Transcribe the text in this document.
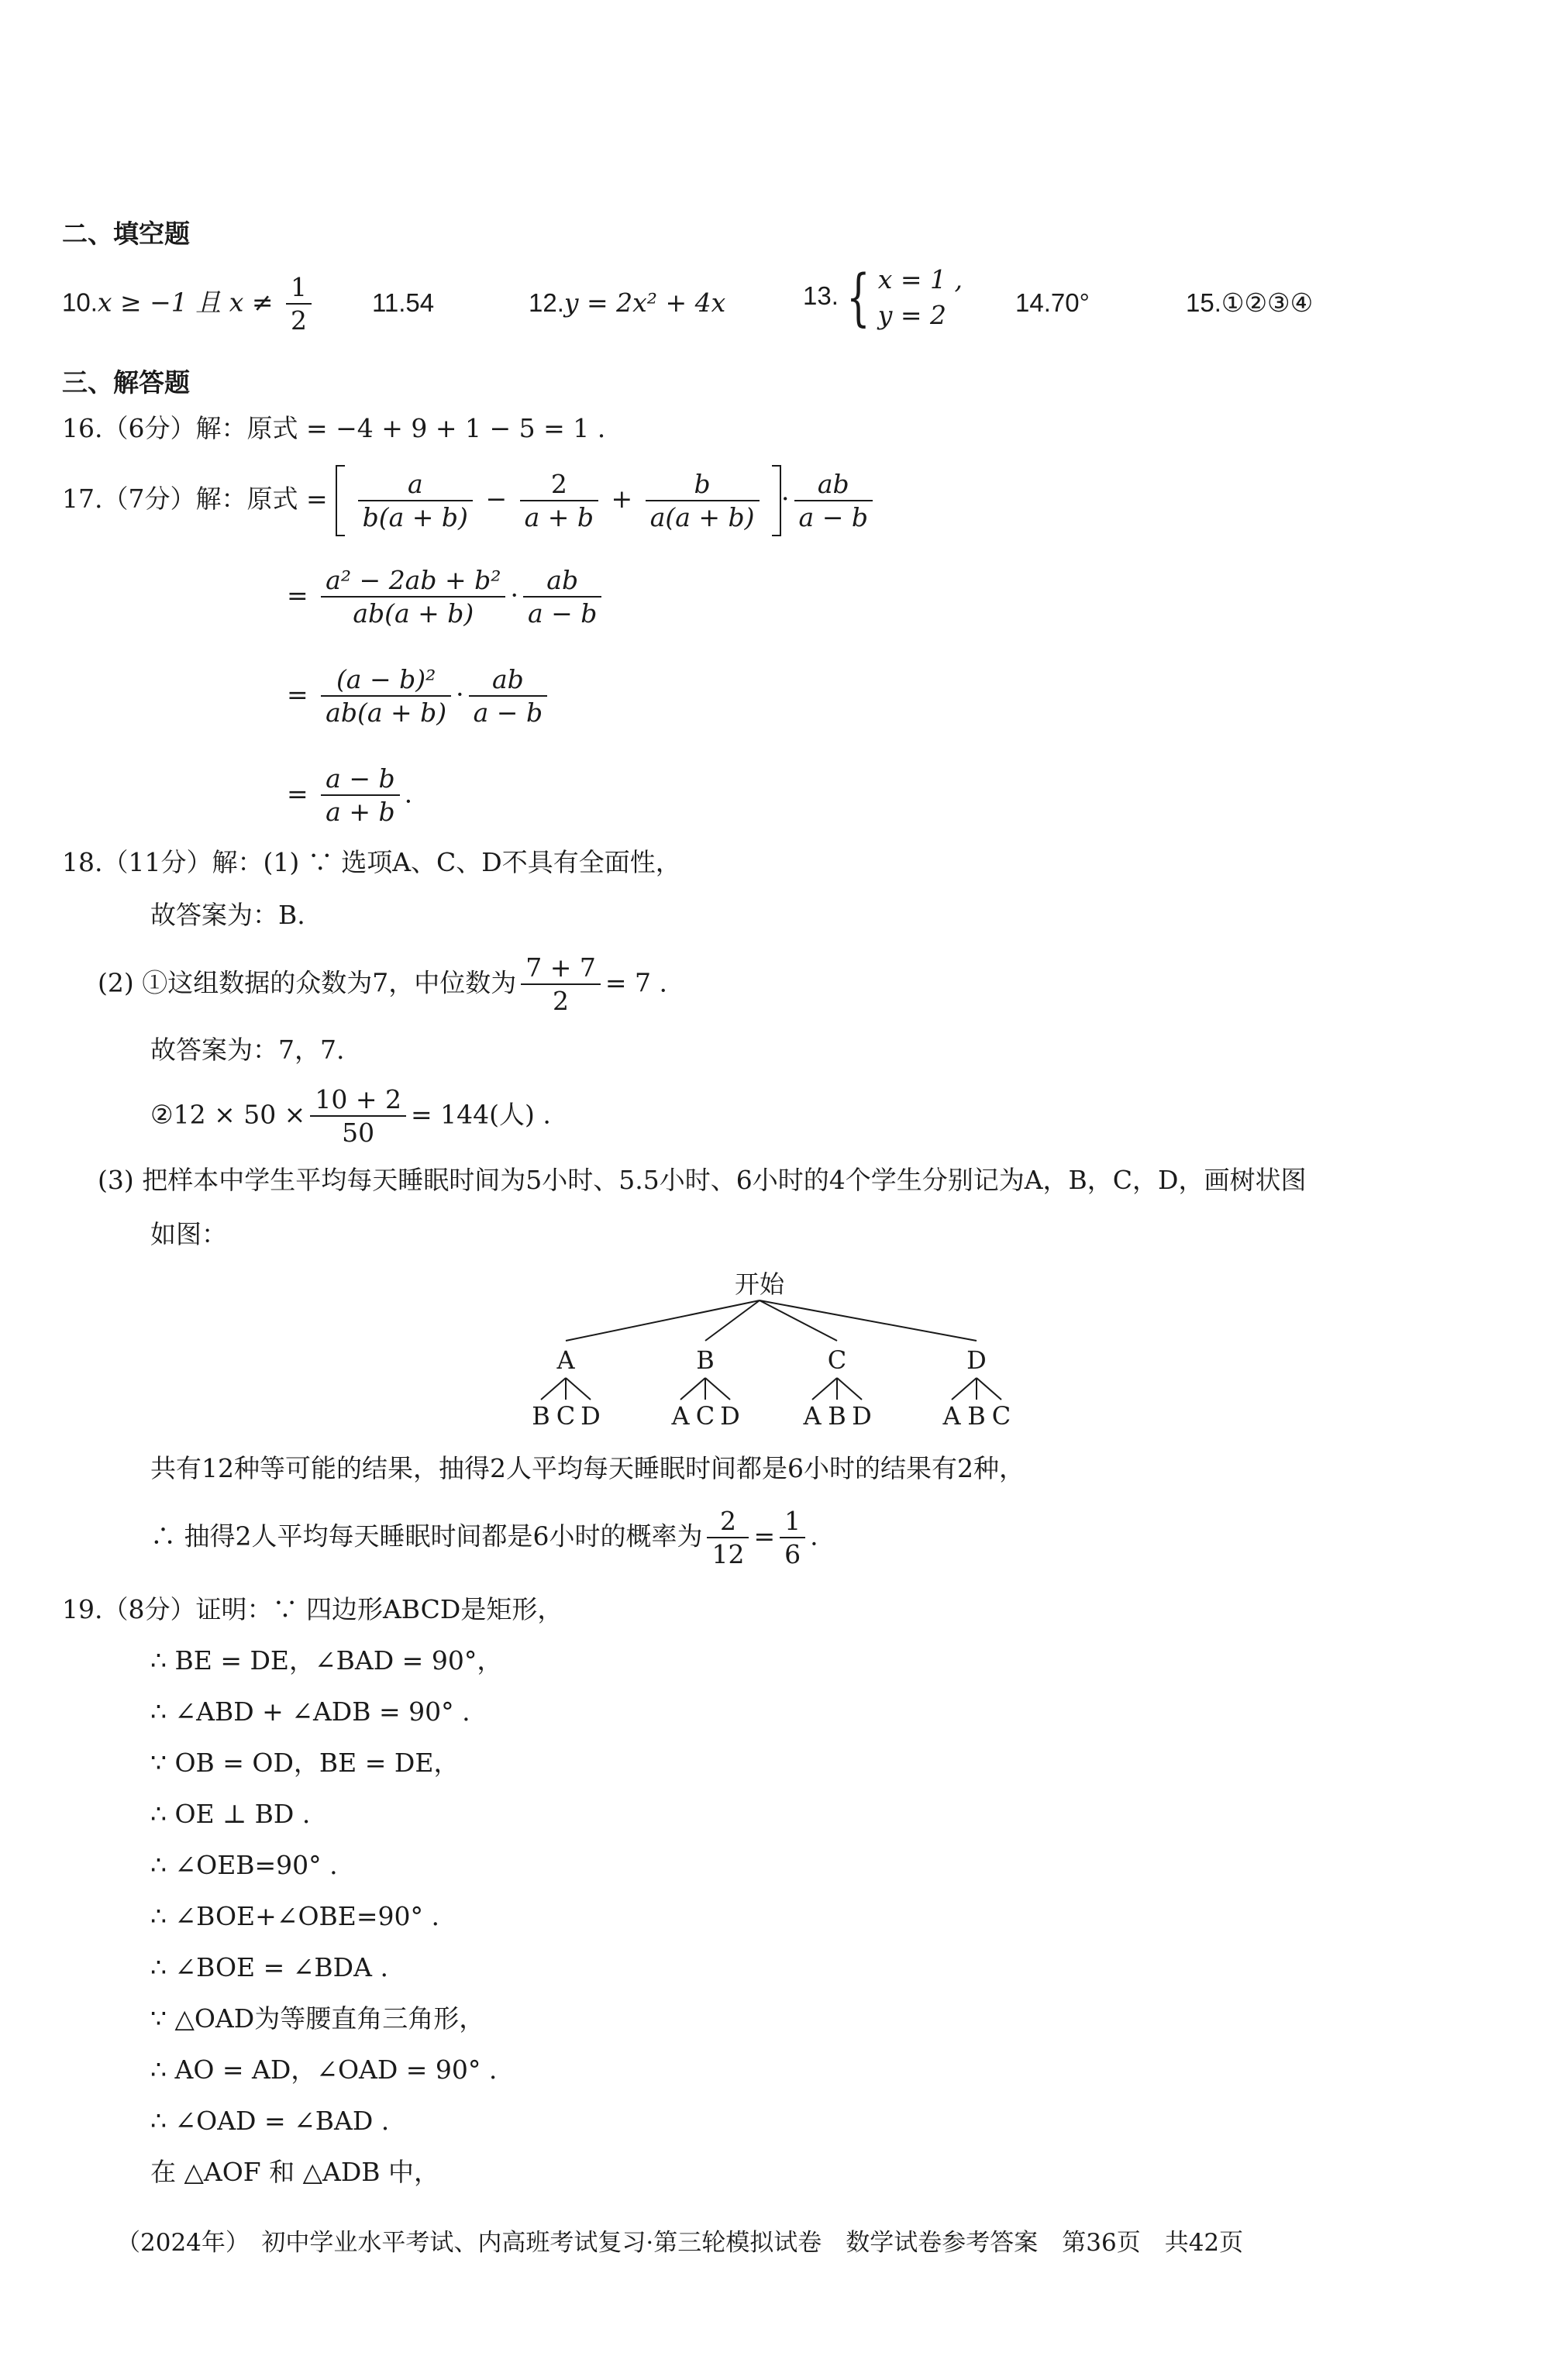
二、填空题
10.x ≥ −1 且 $x \ne \frac{1}{2} 11.54$	12.y = 2x² + 4x	13. { x = 1 ,
y = 2	14.70°	15.①②③④
三、解答题
16.（6分）解：原式 = −4 + 9 + 1 − 5 = 1 .
17.（7分）解：原式 = $\frac{a}{b(a + b)} - \frac{2}{a + b} + \frac{b}{a(a + b)} \cdot \frac{ab}{a - b}$
= $\frac{\text{a² − 2ab + b²}}{ab(a + b)} \cdot \frac{ab}{a - b}$
= $\frac{\text{(a − b)²}}{ab(a + b)} \cdot \frac{ab}{a - b}$
= $\frac{a - b}{a + b}$ .
18.（11分）解：(1) ∵ 选项A、C、D不具有全面性，
故答案为：B.
(2) ①这组数据的众数为7，中位数为 $\frac{7 + 7}{2} = 7$ .
故答案为：7，7.
②12 × $50 \times \frac{10 + 2}{50} = 144$(人) .
(3) 把样本中学生平均每天睡眠时间为5小时、5.5小时、6小时的4个学生分别记为A，B，C，D，画树状图
如图：
开始
A	B	C	D
B C D	A C D	A B D	A B C
共有12种等可能的结果，抽得2人平均每天睡眠时间都是6小时的结果有2种，
∴ 抽得2人平均每天睡眠时间都是6小时的概率为 $\frac{2}{12} = \frac{1}{6}$ .
19.（8分）证明：∵ 四边形ABCD是矩形，
∴ BE = DE，∠BAD = 90°，
∴ ∠ABD + ∠ADB = 90° .
∵ OB = OD，BE = DE，
∴ OE ⊥ BD .
∴ ∠OEB=90° .
∴ ∠BOE+∠OBE=90° .
∴ ∠BOE = ∠BDA .
∵ △OAD为等腰直角三角形，
∴ AO = AD，∠OAD = 90° .
∴ ∠OAD = ∠BAD .
在 △AOF 和 △ADB 中，
（2024年）　初中学业水平考试、内高班考试复习·第三轮模拟试卷　数学试卷参考答案　第36页　共42页
